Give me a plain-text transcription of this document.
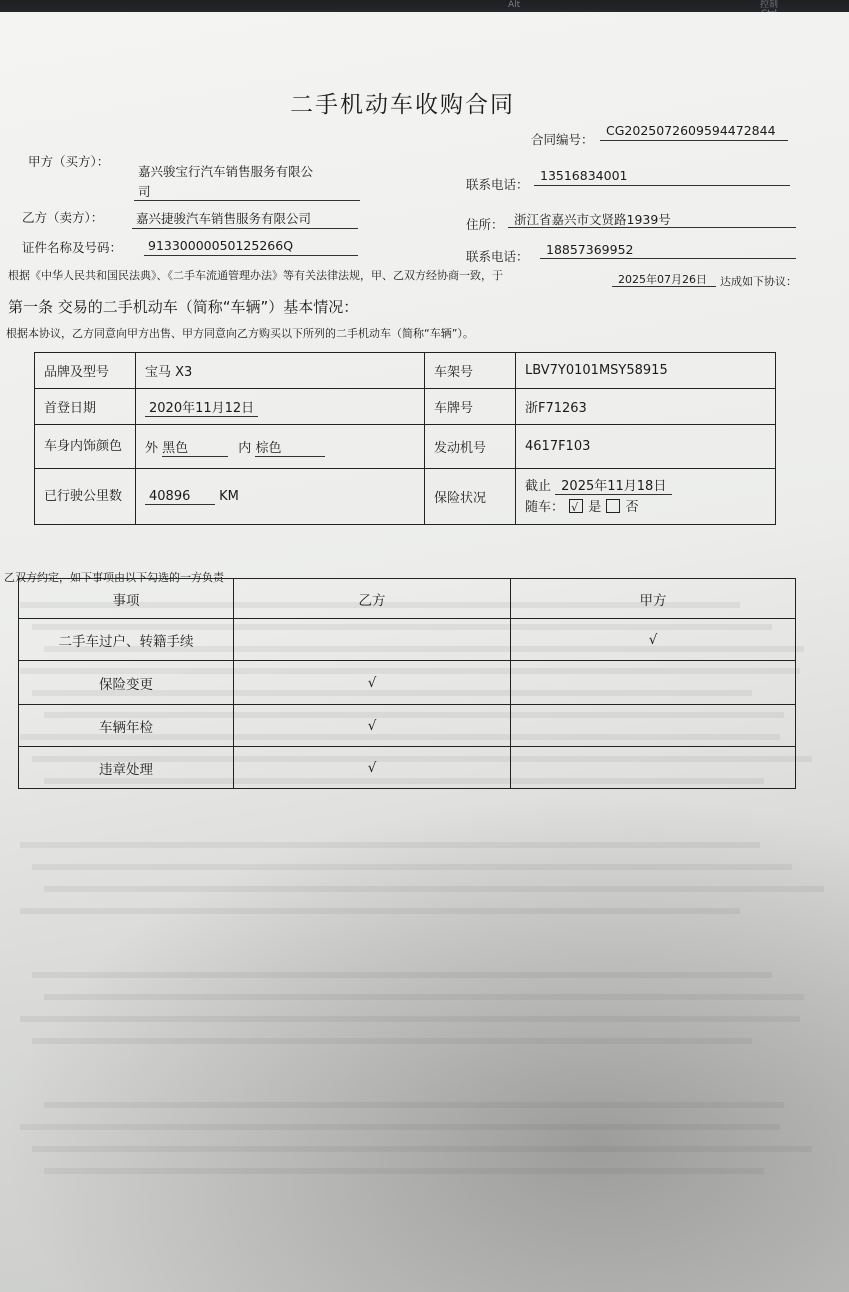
Alt	控制
二手机动车收购合同
合同编号：
CG2025072609594472844
甲方（买方）：
嘉兴骏宝行汽车销售服务有限公
司	联系电话：
13516834001
乙方（卖方）：	嘉兴捷骏汽车销售服务有限公司	住所： 浙江省嘉兴市文贤路1939号
证件名称及号码： 91330000050125266Q
联系电话： 18857369952
根据《中华人民共和国民法典》、《二手车流通管理办法》等有关法律法规，甲、乙双方经协商一致，于	2025年07月26日 达成如下协议：
第一条 交易的二手机动车（简称“车辆”）基本情况：
根据本协议，乙方同意向甲方出售、甲方同意向乙方购买以下所列的二手机动车（简称“车辆”）。
品牌及型号	宝马 X3	车架号	LBV7Y0101MSY58915
首登日期	2020年11月12日	车牌号	浙F71263
车身内饰颜色	外 黑色 内 棕色	发动机号	4617F103
已行驶公里数	40896 KM	保险状况	截止 2025年11月18日
随车： √ 是 否
乙双方约定，如下事项由以下勾选的一方负责
事项	乙方	甲方
二手车过户、转籍手续		√
保险变更	√	
车辆年检	√	
违章处理	√	
